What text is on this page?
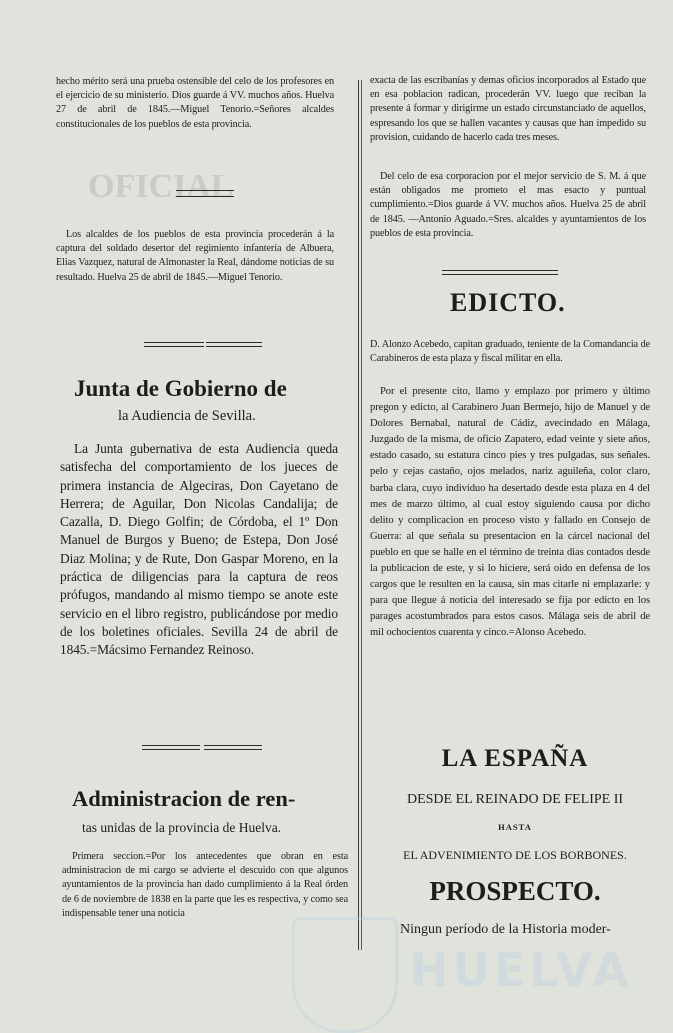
OFICIAL

hecho mérito será una prueba ostensible del celo de los profesores en el ejercicio de su ministerio. Dios guarde á VV. muchos años. Huelva 27 de abril de 1845.—Miguel Tenorio.=Señores alcaldes constitucionales de los pueblos de esta provincia.

Los alcaldes de los pueblos de esta provincia procederán á la captura del soldado desertor del regimiento infantería de Albuera, Elias Vazquez, natural de Almonaster la Real, dándome noticias de su resultado. Huelva 25 de abril de 1845.—Miguel Tenorio.

Junta de Gobierno de
la Audiencia de Sevilla.

La Junta gubernativa de esta Audiencia queda satisfecha del comportamiento de los jueces de primera instancia de Algeciras, Don Cayetano de Herrera; de Aguilar, Don Nicolas Candalija; de Cazalla, D. Diego Golfin; de Córdoba, el 1º Don Manuel de Burgos y Bueno; de Estepa, Don José Diaz Molina; y de Rute, Don Gaspar Moreno, en la práctica de diligencias para la captura de reos prófugos, mandando al mismo tiempo se anote este servicio en el libro registro, publicándose por medio de los boletines oficiales. Sevilla 24 de abril de 1845.=Mácsimo Fernandez Reinoso.

Administracion de ren-
tas unidas de la provincia de Huelva.

Primera seccion.=Por los antecedentes que obran en esta administracion de mi cargo se advierte el descuido con que algunos ayuntamientos de la provincia han dado cumplimiento á la Real órden de 6 de noviembre de 1838 en la parte que les es respectiva, y como sea indispensable tener una noticia

exacta de las escribanías y demas oficios incorporados al Estado que en esa poblacion radican, procederán VV. luego que reciban la presente á formar y dirigirme un estado circunstanciado de aquellos, espresando los que se hallen vacantes y causas que han impedido su provision, cuidando de hacerlo cada tres meses.

Del celo de esa corporacion por el mejor servicio de S. M. á que están obligados me prometo el mas esacto y puntual cumplimiento.=Dios guarde á VV. muchos años. Huelva 25 de abril de 1845. —Antonio Aguado.=Sres. alcaldes y ayuntamientos de los pueblos de esta provincia.

EDICTO.

D. Alonzo Acebedo, capitan graduado, teniente de la Comandancia de Carabineros de esta plaza y fiscal militar en ella.

Por el presente cito, llamo y emplazo por primero y último pregon y edicto, al Carabinero Juan Bermejo, hijo de Manuel y de Dolores Bernabal, natural de Cádiz, avecindado en Málaga, Juzgado de la misma, de oficio Zapatero, edad veinte y siete años, estado casado, su estatura cinco pies y tres pulgadas, sus señales. pelo y cejas castaño, ojos melados, nariz aguileña, color claro, barba clara, cuyo individuo ha desertado desde esta plaza en 4 del mes de marzo último, al cual estoy siguiendo causa por dicho delito y complicacion en proceso visto y fallado en Consejo de Guerra: al que señala su presentacion en la cárcel nacional del pueblo en que se halle en el término de treinta dias contados desde la publicacion de este, y si lo hiciere, será oido en defensa de los cargos que le resulten en la causa, sin mas citarle ni emplazarle: y para que llegue á noticia del interesado se fija por edicto en los parages acostumbrados para estos casos. Málaga seis de abril de mil ochocientos cuarenta y cinco.=Alonso Acebedo.

LA ESPAÑA
DESDE EL REINADO DE FELIPE II
HASTA
EL ADVENIMIENTO DE LOS BORBONES.
PROSPECTO.
Ningun período de la Historia moder-
HUELVA
